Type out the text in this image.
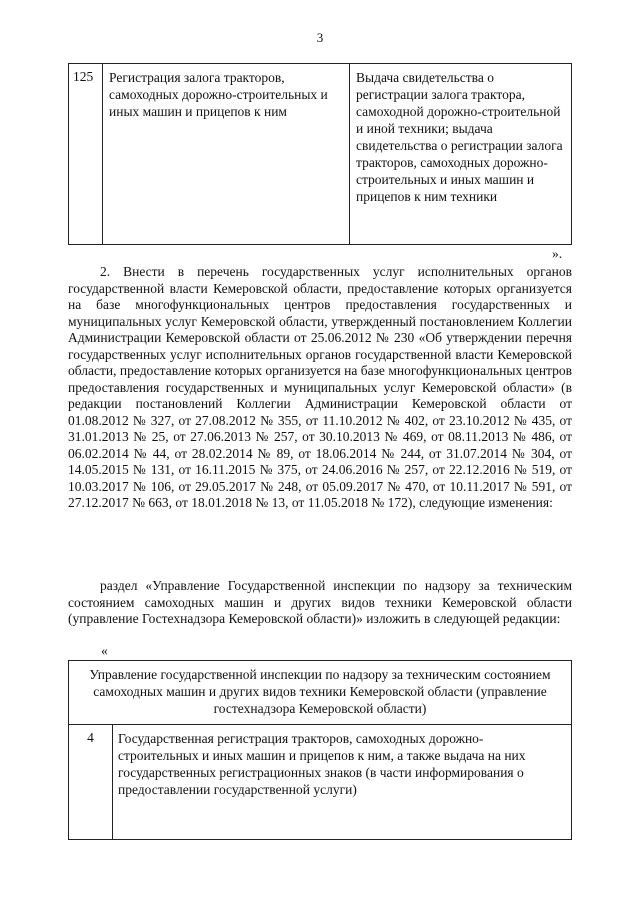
3
125	Регистрация залога тракторов, самоходных дорожно-строительных и иных машин и прицепов к ним
Выдача свидетельства о регистрации залога трактора, самоходной дорожно-строительной и иной техники; выдача свидетельства о регистрации залога тракторов, самоходных дорожно-строительных и иных машин и прицепов к ним техники
».

2. Внести в перечень государственных услуг исполнительных органов государственной власти Кемеровской области, предоставление которых организуется на базе многофункциональных центров предоставления государственных и муниципальных услуг Кемеровской области, утвержденный постановлением Коллегии Администрации Кемеровской области от 25.06.2012 № 230 «Об утверждении перечня государственных услуг исполнительных органов государственной власти Кемеровской области, предоставление которых организуется на базе многофункциональных центров предоставления государственных и муниципальных услуг Кемеровской области» (в редакции постановлений Коллегии Администрации Кемеровской области от 01.08.2012 № 327, от 27.08.2012 № 355, от 11.10.2012 № 402, от 23.10.2012 № 435, от 31.01.2013 № 25, от 27.06.2013 № 257, от 30.10.2013 № 469, от 08.11.2013 № 486, от 06.02.2014 № 44, от 28.02.2014 № 89, от 18.06.2014 № 244, от 31.07.2014 № 304, от 14.05.2015 № 131, от 16.11.2015 № 375, от 24.06.2016 № 257, от 22.12.2016 № 519, от 10.03.2017 № 106, от 29.05.2017 № 248, от 05.09.2017 № 470, от 10.11.2017 № 591, от 27.12.2017 № 663, от 18.01.2018 № 13, от 11.05.2018 № 172), следующие изменения:

раздел «Управление Государственной инспекции по надзору за техническим состоянием самоходных машин и других видов техники Кемеровской области (управление Гостехнадзора Кемеровской области)» изложить в следующей редакции:

«
Управление государственной инспекции по надзору за техническим состоянием самоходных машин и других видов техники Кемеровской области (управление гостехнадзора Кемеровской области)
4	Государственная регистрация тракторов, самоходных дорожно-строительных и иных машин и прицепов к ним, а также выдача на них государственных регистрационных знаков (в части информирования о предоставлении государственной услуги)
